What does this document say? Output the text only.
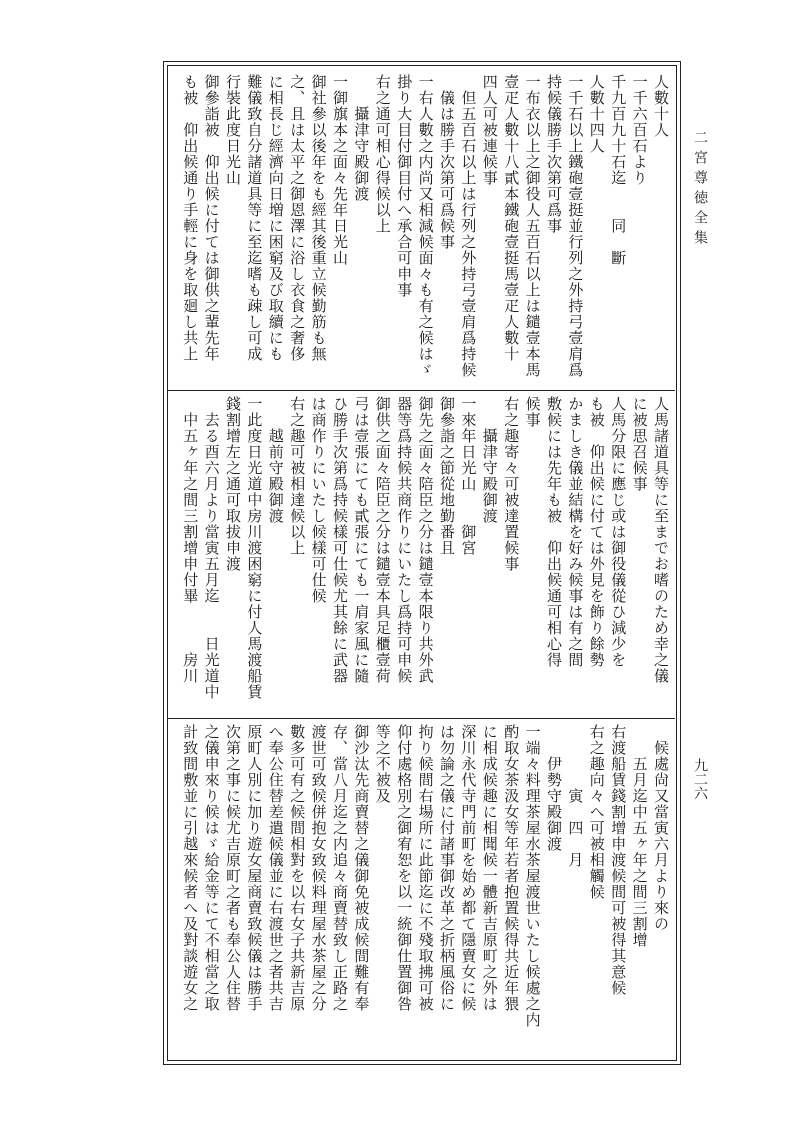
二宮尊徳全集
九二六
人數十人
一千六百石より
千九百九十石迄　　同　斷
人數十四人
一千石以上鐵砲壹挺並行列之外持弓壹肩爲
持候儀勝手次第可爲事
一布衣以上之御役人五百石以上は鑓壹本馬
壹疋人數十八貳本鐵砲壹挺馬壹疋人數十
四人可被連候事
　但五百石以上は行列之外持弓壹肩爲持候
　儀は勝手次第可爲候事
一右人數之内尚又相減候面々も有之候はゞ
掛り大目付御目付へ承合可申事
右之通可相心得候以上
　　攝津守殿御渡
一御旗本之面々先年日光山
御社參以後年をも經其後重立候勤筋も無
之、且は太平之御恩澤に浴し衣食之奢侈
に相長じ經濟向日増に困窮及び取續にも
難儀致自分諸道具等に至迄嗜も疎し可成
行裝此度日光山
御參詣被　仰出候に付ては御供之輩先年
も被　仰出候通り手輕に身を取廻し共上
人馬諸道具等に至までお嗜のため幸之儀
に被思召候事
人馬分限に應じ或は御役儀從ひ減少を
も被　仰出候に付ては外見を飾り餘勢
かましき儀並結構を好み候事は有之間
敷候には先年も被　仰出候通可相心得
候事
右之趣寄々可被達置候事
　　攝津守殿御渡
一來年日光山　　御宮
御參詣之節從地勤番且
御先之面々陪臣之分は鑓壹本限り共外武
器等爲持候共商作りにいたし爲持可申候
御供之面々陪臣之分は鑓壹本具足櫃壹荷
弓は壹張にても貳張にても一肩家風に隨
ひ勝手次第爲持候樣可仕候尤其餘に武器
は商作りにいたし候樣可仕候
右之趣可被相達候以上
　　越前守殿御渡
一此度日光道中房川渡困窮に付人馬渡船賃
錢割增左之通可取拔申渡
　去る酉六月より當寅五月迄　　日光道中
　中五ヶ年之間三割增申付畢　　　房川
　候處尙又當寅六月より來の
　　五月迄中五ヶ年之間三割增
右渡船賃錢割增申渡候間可被得其意候
右之趣向々へ可被相觸候
　　　　寅　四　月
　　伊勢守殿御渡
一端々料理茶屋水茶屋渡世いたし候處之内
酌取女茶汲女等年若者抱置候得共近年猥
に相成候趣に相聞候一體新吉原町之外は
深川永代寺門前町を始め都て隱賣女に候
は勿論之儀に付諸事御改革之折柄風俗に
拘り候間右場所に此節迄に不殘取拂可被
仰付處格別之御宥恕を以一統御仕置御咎
等之不被及
御沙汰先商賣替之儀御免被成候間難有奉
存、當八月迄之内追々商賣替致し正路之
渡世可致候併抱女致候料理屋水茶屋之分
數多可有之候間相對を以右女子共新吉原
へ奉公住替差遣候儀並に右渡世之者共吉
原町人別に加り遊女屋商賣致候儀は勝手
次第之事に候尤吉原町之者も奉公人住替
之儀申來り候はゞ給金等にて不相當之取
計致間敷並に引越來候者へ及對談遊女之
